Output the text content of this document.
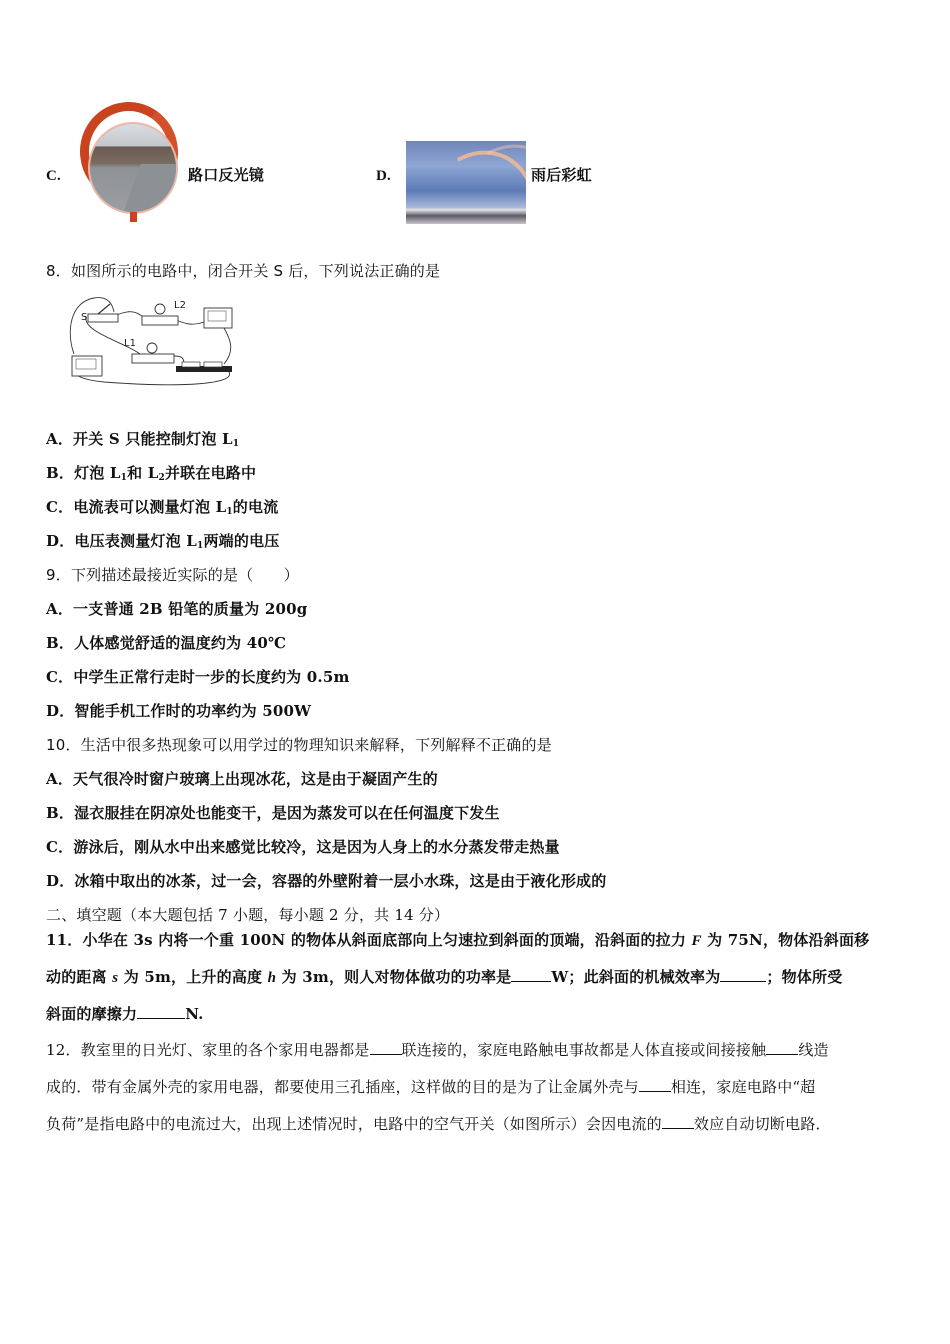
C.	路口反光镜	D.	雨后彩虹
8．如图所示的电路中，闭合开关 S 后，下列说法正确的是
S
L2
L1
A．开关 S 只能控制灯泡 $L_1$
B．灯泡 $L_1$和 $L_2$并联在电路中
C．电流表可以测量灯泡 $L_1$的电流
D．电压表测量灯泡 $L_1$两端的电压
9．下列描述最接近实际的是（　　）
A．一支普通 2B 铅笔的质量为 200g
B．人体感觉舒适的温度约为 40℃
C．中学生正常行走时一步的长度约为 0.5m
D．智能手机工作时的功率约为 500W
10．生活中很多热现象可以用学过的物理知识来解释，下列解释不正确的是
A．天气很冷时窗户玻璃上出现冰花，这是由于凝固产生的
B．湿衣服挂在阴凉处也能变干，是因为蒸发可以在任何温度下发生
C．游泳后，刚从水中出来感觉比较冷，这是因为人身上的水分蒸发带走热量
D．冰箱中取出的冰茶，过一会，容器的外壁附着一层小水珠，这是由于液化形成的
二、填空题（本大题包括 7 小题，每小题 2 分，共 14 分）
11．小华在 3s 内将一个重 100N 的物体从斜面底部向上匀速拉到斜面的顶端，沿斜面的拉力 F 为 75N，物体沿斜面移
动的距离 s 为 5m，上升的高度 h 为 3m，则人对物体做功的功率是	W；此斜面的机械效率为	；物体所受
斜面的摩擦力	N.
12．教室里的日光灯、家里的各个家用电器都是 联连接的，家庭电路触电事故都是人体直接或间接接触 线造
成的．带有金属外壳的家用电器，都要使用三孔插座，这样做的目的是为了让金属外壳与 相连，家庭电路中“超
负荷”是指电路中的电流过大，出现上述情况时，电路中的空气开关（如图所示）会因电流的 效应自动切断电路．
